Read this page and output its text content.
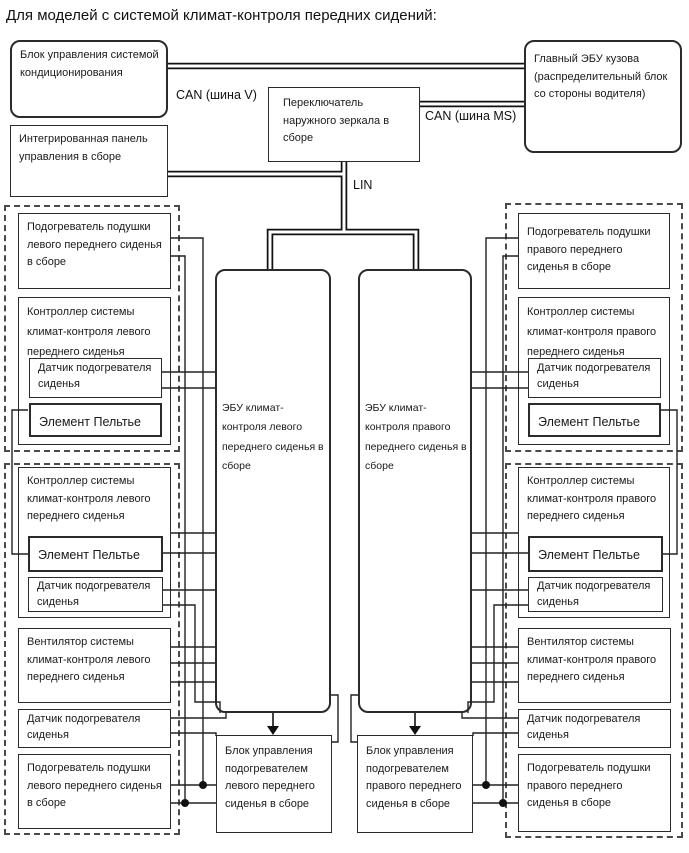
Для моделей с системой климат-контроля передних сидений:
Блок управления системой кондиционирования
Интегрированная панель управления в сборе
Переключатель наружного зеркала в сборе
Главный ЭБУ кузова (распределительный блок со стороны водителя)
CAN (шина V)
CAN (шина MS)
LIN
ЭБУ климат-контроля левого переднего сиденья в сборе
ЭБУ климат-контроля правого переднего сиденья в сборе
Блок управления подогревателем левого переднего сиденья в сборе
Блок управления подогревателем правого переднего сиденья в сборе
Подогреватель подушки левого переднего сиденья в сборе
Контроллер системы климат-контроля левого переднего сиденья
Датчик подогревателя сиденья
Элемент Пельтье
Контроллер системы климат-контроля левого переднего сиденья
Элемент Пельтье
Датчик подогревателя сиденья
Вентилятор системы климат-контроля левого переднего сиденья
Датчик подогревателя сиденья
Подогреватель подушки левого переднего сиденья в сборе
Подогреватель подушки правого переднего сиденья в сборе
Контроллер системы климат-контроля правого переднего сиденья
Датчик подогревателя сиденья
Элемент Пельтье
Контроллер системы климат-контроля правого переднего сиденья
Элемент Пельтье
Датчик подогревателя сиденья
Вентилятор системы климат-контроля правого переднего сиденья
Датчик подогревателя сиденья
Подогреватель подушки правого переднего сиденья в сборе
